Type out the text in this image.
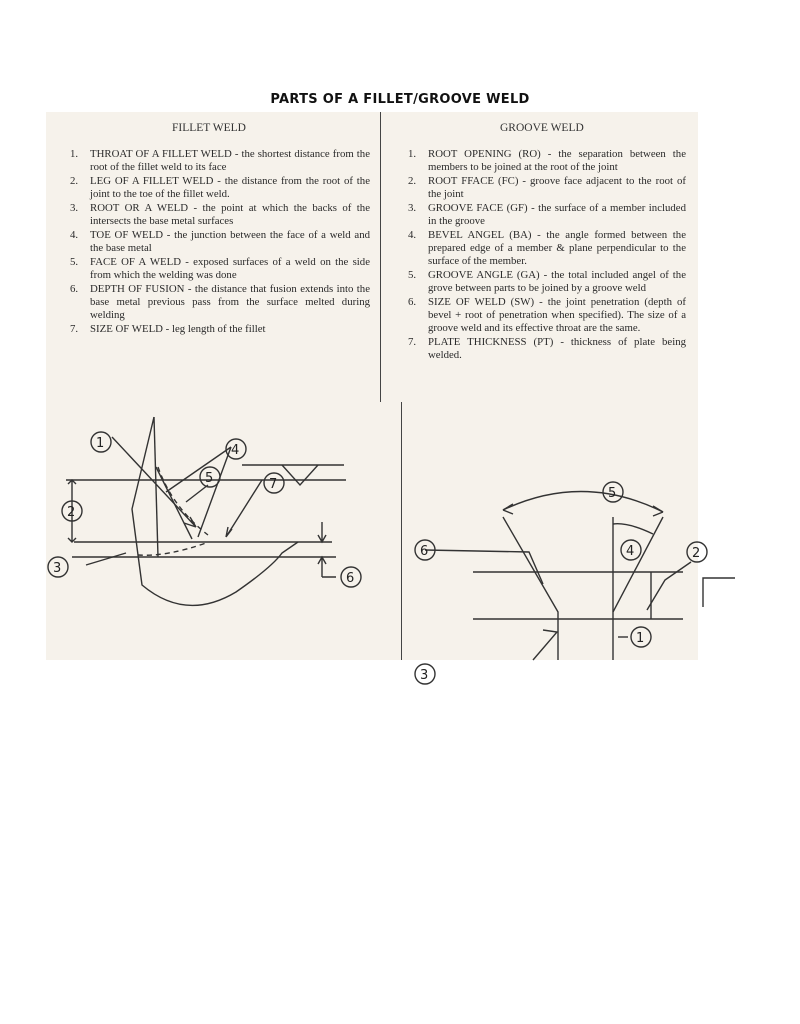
PARTS OF A FILLET/GROOVE WELD
FILLET WELD	GROOVE WELD
1. THROAT OF A FILLET WELD - the shortest distance from the root of the fillet weld to its face
2. LEG OF A FILLET WELD - the distance from the root of the joint to the toe of the fillet weld.
3. ROOT OR A WELD - the point at which the backs of the intersects the base metal surfaces
4. TOE OF WELD - the junction between the face of a weld and the base metal
5. FACE OF A WELD - exposed surfaces of a weld on the side from which the welding was done
6. DEPTH OF FUSION - the distance that fusion extends into the base metal previous pass from the surface melted during welding
7. SIZE OF WELD - leg length of the fillet
1. ROOT OPENING (RO) - the separation between the members to be joined at the root of the joint
2. ROOT FFACE (FC) - groove face adjacent to the root of the joint
3. GROOVE FACE (GF) - the surface of a member included in the groove
4. BEVEL ANGEL (BA) - the angle formed between the prepared edge of a member & plane perpendicular to the surface of the member.
5. GROOVE ANGLE (GA) - the total included angel of the grove between parts to be joined by a groove weld
6. SIZE OF WELD (SW) - the joint penetration (depth of bevel + root of penetration when specified). The size of a groove weld and its effective throat are the same.
7. PLATE THICKNESS (PT) - thickness of plate being welded.
1
2
3
4
5
6
7
5
4	2
3
1
6
